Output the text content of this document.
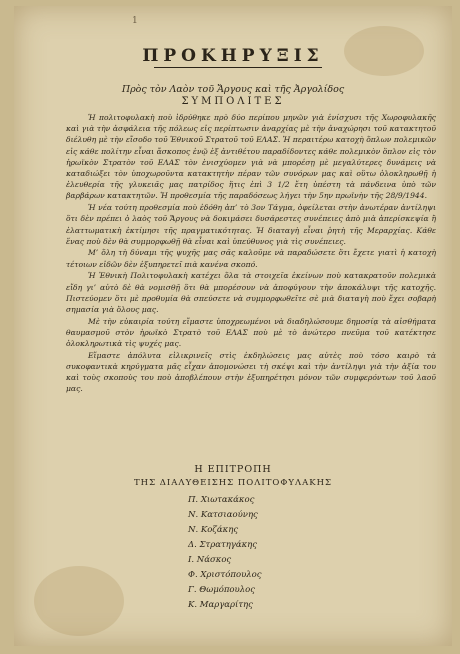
1
ΠΡΟΚΗΡΥΞΙΣ
Πρὸς τὸν Λαὸν τοῦ Ἄργους καὶ τῆς Ἀργολίδος
ΣΥΜΠΟΛΙΤΕΣ

Ἡ πολιτοφυλακὴ ποὺ ἱδρύθηκε πρὸ δύο περίπου μηνῶν γιὰ ἐνίσχυσι τῆς Χωροφυλακῆς καὶ γιὰ τὴν ἀσφάλεια τῆς πόλεως εἰς περίπτωσιν ἀναρχίας μὲ τὴν ἀναχώρησι τοῦ κατακτητοῦ διέλυθη μὲ τὴν εἴσοδο τοῦ Ἐθνικοῦ Στρατοῦ τοῦ ΕΛΑΣ. Ἡ περαιτέρω κατοχὴ ὅπλων πολεμικῶν εἰς κάθε πολίτην εἶναι ἄσκοπος ἐνῷ ἐξ ἀντιθέτου παραδίδοντες κάθε πολεμικὸν ὅπλον εἰς τὸν ἡρωϊκὸν Στρατὸν τοῦ ΕΛΑΣ τὸν ἐνισχύομεν γιὰ νὰ μπορέσῃ μὲ μεγαλύτερες δυνάμεις νὰ καταδιώξει τὸν ὑποχωροῦντα κατακτητὴν πέραν τῶν συνόρων μας καὶ οὕτω ὁλοκληρωθῇ ἡ ἐλευθερία τῆς γλυκειᾶς μας πατρίδος ἥτις ἐπὶ 3 1/2 ἔτη ὑπέστη τὰ πάνδεινα ὑπὸ τῶν βαρβάρων κατακτητῶν. Ἡ προθεσμία τῆς παραδόσεως λήγει τὴν 5ην πρωϊνὴν τῆς 28/9/1944.

Ἡ νέα τούτη προθεσμία ποὺ ἐδόθη ἀπ’ τὸ 3ον Τάγμα, ὀφείλεται στὴν ἀνωτέραν ἀντίληψι ὅτι δὲν πρέπει ὁ λαὸς τοῦ Ἄργους νὰ δοκιμάσει δυσάρεστες συνέπειες ἀπὸ μιὰ ἀπερίσκεψία ἢ ἐλαττωματικὴ ἐκτίμησι τῆς πραγματικότητας. Ἡ διαταγὴ εἶναι ῥητὴ τῆς Μεραρχίας. Κάθε ἕνας ποὺ δὲν θὰ συμμορφωθῇ θὰ εἶναι καὶ ὑπεύθυνος γιὰ τὶς συνέπειες.

Μ’ ὅλη τὴ δύναμι τῆς ψυχῆς μας σᾶς καλοῦμε νὰ παραδώσετε ὅτι ἔχετε γιατὶ ἡ κατοχὴ τέτοιων εἰδῶν δὲν ἐξυπηρετεῖ πιὰ κανένα σκοπό.

Ἡ Ἐθνικὴ Πολιτοφυλακὴ κατέχει ὅλα τὰ στοιχεῖα ἐκείνων ποὺ κατακρατοῦν πολεμικὰ εἴδη γι’ αὐτὸ δὲ θὰ νομισθῇ ὅτι θὰ μπορέσουν νὰ ἀποφύγουν τὴν ἀποκάλυψι τῆς κατοχῆς. Πιστεύομεν ὅτι μὲ προθυμία θὰ σπεύσετε νὰ συμμορφωθεῖτε σὲ μιὰ διαταγὴ ποὺ ἔχει σοβαρὴ σημασία γιὰ ὅλους μας.

Μὲ τὴν εὐκαιρία τούτη εἴμαστε ὑποχρεωμένοι νὰ διαδηλώσουμε δημοσίᾳ τὰ αἰσθήματα θαυμασμοῦ στὸν ἡρωϊκὸ Στρατὸ τοῦ ΕΛΑΣ ποὺ μὲ τὸ ἀνώτερο πνεῦμα τοῦ κατέκτησε ὁλοκληρωτικὰ τὶς ψυχές μας.

Εἴμαστε ἀπόλυτα εἰλικρινεῖς στὶς ἐκδηλώσεις μας αὐτὲς ποὺ τόσο καιρὸ τὰ συκοφαντικὰ κηρύγματα μᾶς εἶχαν ἀπομονώσει τὴ σκέψι καὶ τὴν ἀντίληψι γιὰ τὴν ἀξία του καὶ τοὺς σκοποὺς του ποὺ ἀποβλέπουν στὴν ἐξυπηρέτησι μόνον τῶν συμφερόντων τοῦ λαοῦ μας.

Η ΕΠΙΤΡΟΠΗ
ΤΗΣ ΔΙΑΛΥΘΕΙΣΗΣ ΠΟΛΙΤΟΦΥΛΑΚΗΣ
Π. Χιωτακάκος
Ν. Κατσιαούνης
Ν. Κοζάκης
Δ. Στρατηγάκης
Ι. Νάσκος
Φ. Χριστόπουλος
Γ. Θωμόπουλος
Κ. Μαργαρίτης
